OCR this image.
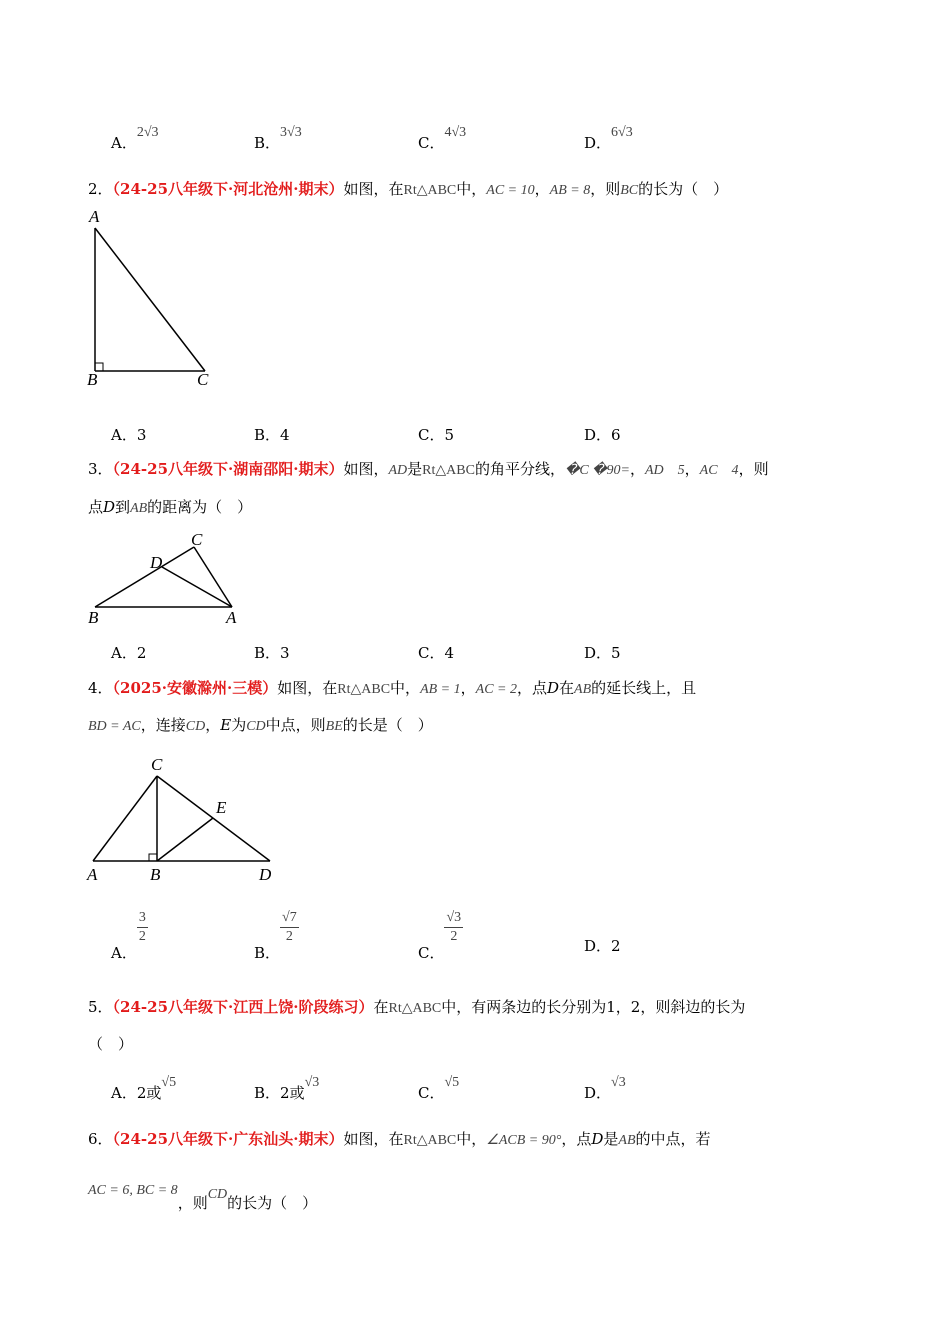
A．2√3
B．3√3
C．4√3
D．6√3
2．（24-25八年级下·河北沧州·期末）如图，在Rt△ABC中，AC = 10，AB = 8，则BC的长为（　）
A
B	C
A．3	B．4	C．5	D．6
3．（24-25八年级下·湖南邵阳·期末）如图，AD是Rt△ABC的角平分线，�C �90=，AD　5，AC　4，则
点D到AB的距离为（　）
C
D
B	A
A．2	B．3	C．4	D．5
4．（2025·安徽滁州·三模）如图，在Rt△ABC中，AB = 1，AC = 2，点D在AB的延长线上，且
BD = AC，连接CD，E为CD中点，则BE的长是（　）
C
E
A	B	D
A．
$\frac{3}{2}$
B．
$\frac{√7}{2}$
C．
$\frac{√3}{2}$	D．2
5．（24-25八年级下·江西上饶·阶段练习）在Rt△ABC中，有两条边的长分别为1，2，则斜边的长为
（　）
A．2或√5
B．2或√3
C．√5
D．√3
6．（24-25八年级下·广东汕头·期末）如图，在Rt△ABC中，∠ACB = 90°，点D是AB的中点，若
AC = 6, BC = 8，则CD的长为（　）
